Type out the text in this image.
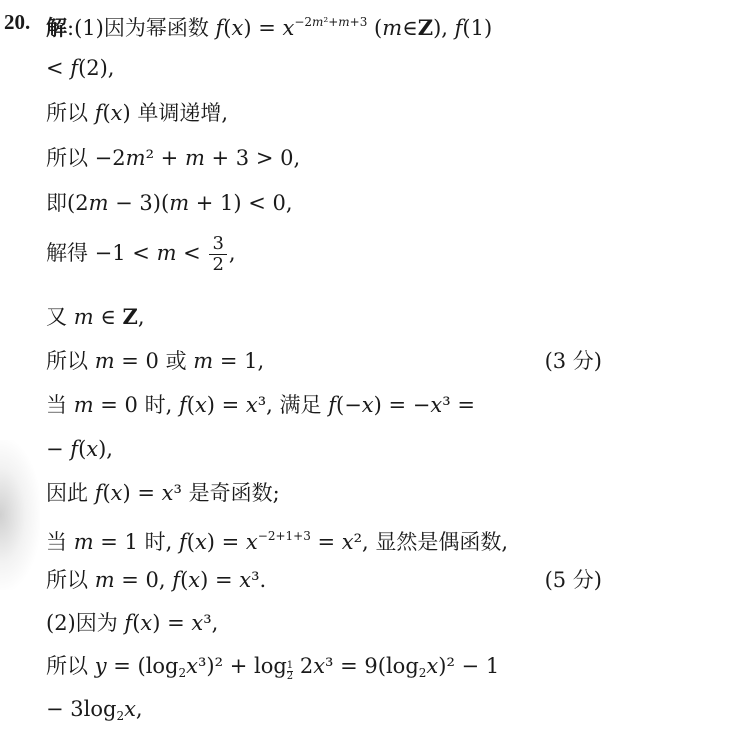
20. 解:(1)因为幂函数 $f(x) = x^{-2m^2+m+3}$ (m∈Z), f(1)
< f(2),
所以 f(x) 单调递增,
所以 −2m² + m + 3 > 0,
即(2m − 3)(m + 1) < 0,
解得 $-1 < m < \frac{3}{2}$ ,
又 m ∈ Z,
所以 m = 0 或 m = 1,	(3 分)
当 m = 0 时, f(x) = x³, 满足 f(−x) = −x³ =
− f(x),
因此 f(x) = x³ 是奇函数;
当 m = 1 时, $f(x) = x^{-2+1+3} = x^2$, 显然是偶函数,
所以 m = 0, f(x) = x³.	(5 分)
(2)因为 f(x) = x³,
所以 $y = (\log_2x^3)^2 + \log \frac{1}{2} 2x^3 = 9(\log_2x)^2 - 1$
− $3\log_2x$,
